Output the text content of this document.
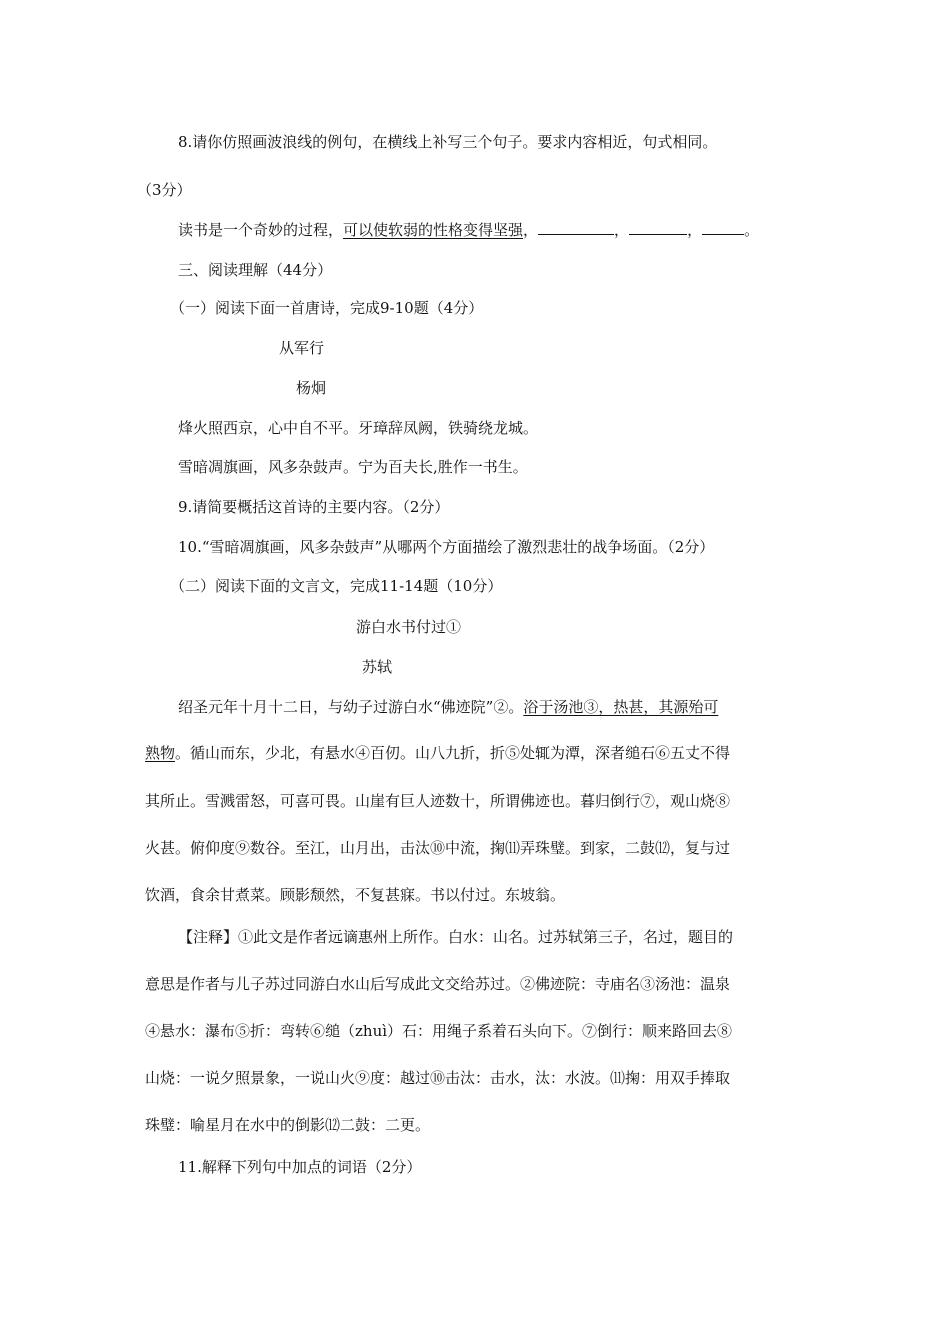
8.请你仿照画波浪线的例句，在横线上补写三个句子。要求内容相近，句式相同。
（3分）
读书是一个奇妙的过程，可以使软弱的性格变得坚强，	，	，	。
三、阅读理解（44分）
（一）阅读下面一首唐诗，完成9-10题（4分）
从军行
杨炯
烽火照西京，心中自不平。牙璋辞凤阙，铁骑绕龙城。
雪暗凋旗画，风多杂鼓声。宁为百夫长,胜作一书生。
9.请简要概括这首诗的主要内容。（2分）
10.“雪暗凋旗画，风多杂鼓声”从哪两个方面描绘了激烈悲壮的战争场面。（2分）
（二）阅读下面的文言文，完成11-14题（10分）
游白水书付过①
苏轼
绍圣元年十月十二日，与幼子过游白水“佛迹院”②。浴于汤池③，热甚，其源殆可
熟物。循山而东，少北，有悬水④百仞。山八九折，折⑤处辄为潭，深者缒石⑥五丈不得
其所止。雪溅雷怒，可喜可畏。山崖有巨人迹数十，所谓佛迹也。暮归倒行⑦，观山烧⑧
火甚。俯仰度⑨数谷。至江，山月出，击汰⑩中流，掬⑾弄珠璧。到家，二鼓⑿，复与过
饮酒，食余甘煮菜。顾影颓然，不复甚寐。书以付过。东坡翁。
【注释】①此文是作者远谪惠州上所作。白水：山名。过苏轼第三子，名过，题目的
意思是作者与儿子苏过同游白水山后写成此文交给苏过。②佛迹院：寺庙名③汤池：温泉
④悬水：瀑布⑤折：弯转⑥缒（zhuì）石：用绳子系着石头向下。⑦倒行：顺来路回去⑧
山烧：一说夕照景象，一说山火⑨度：越过⑩击汰：击水，汰：水波。⑾掬：用双手捧取
珠璧：喻星月在水中的倒影⑿二鼓：二更。
11.解释下列句中加点的词语（2分）
